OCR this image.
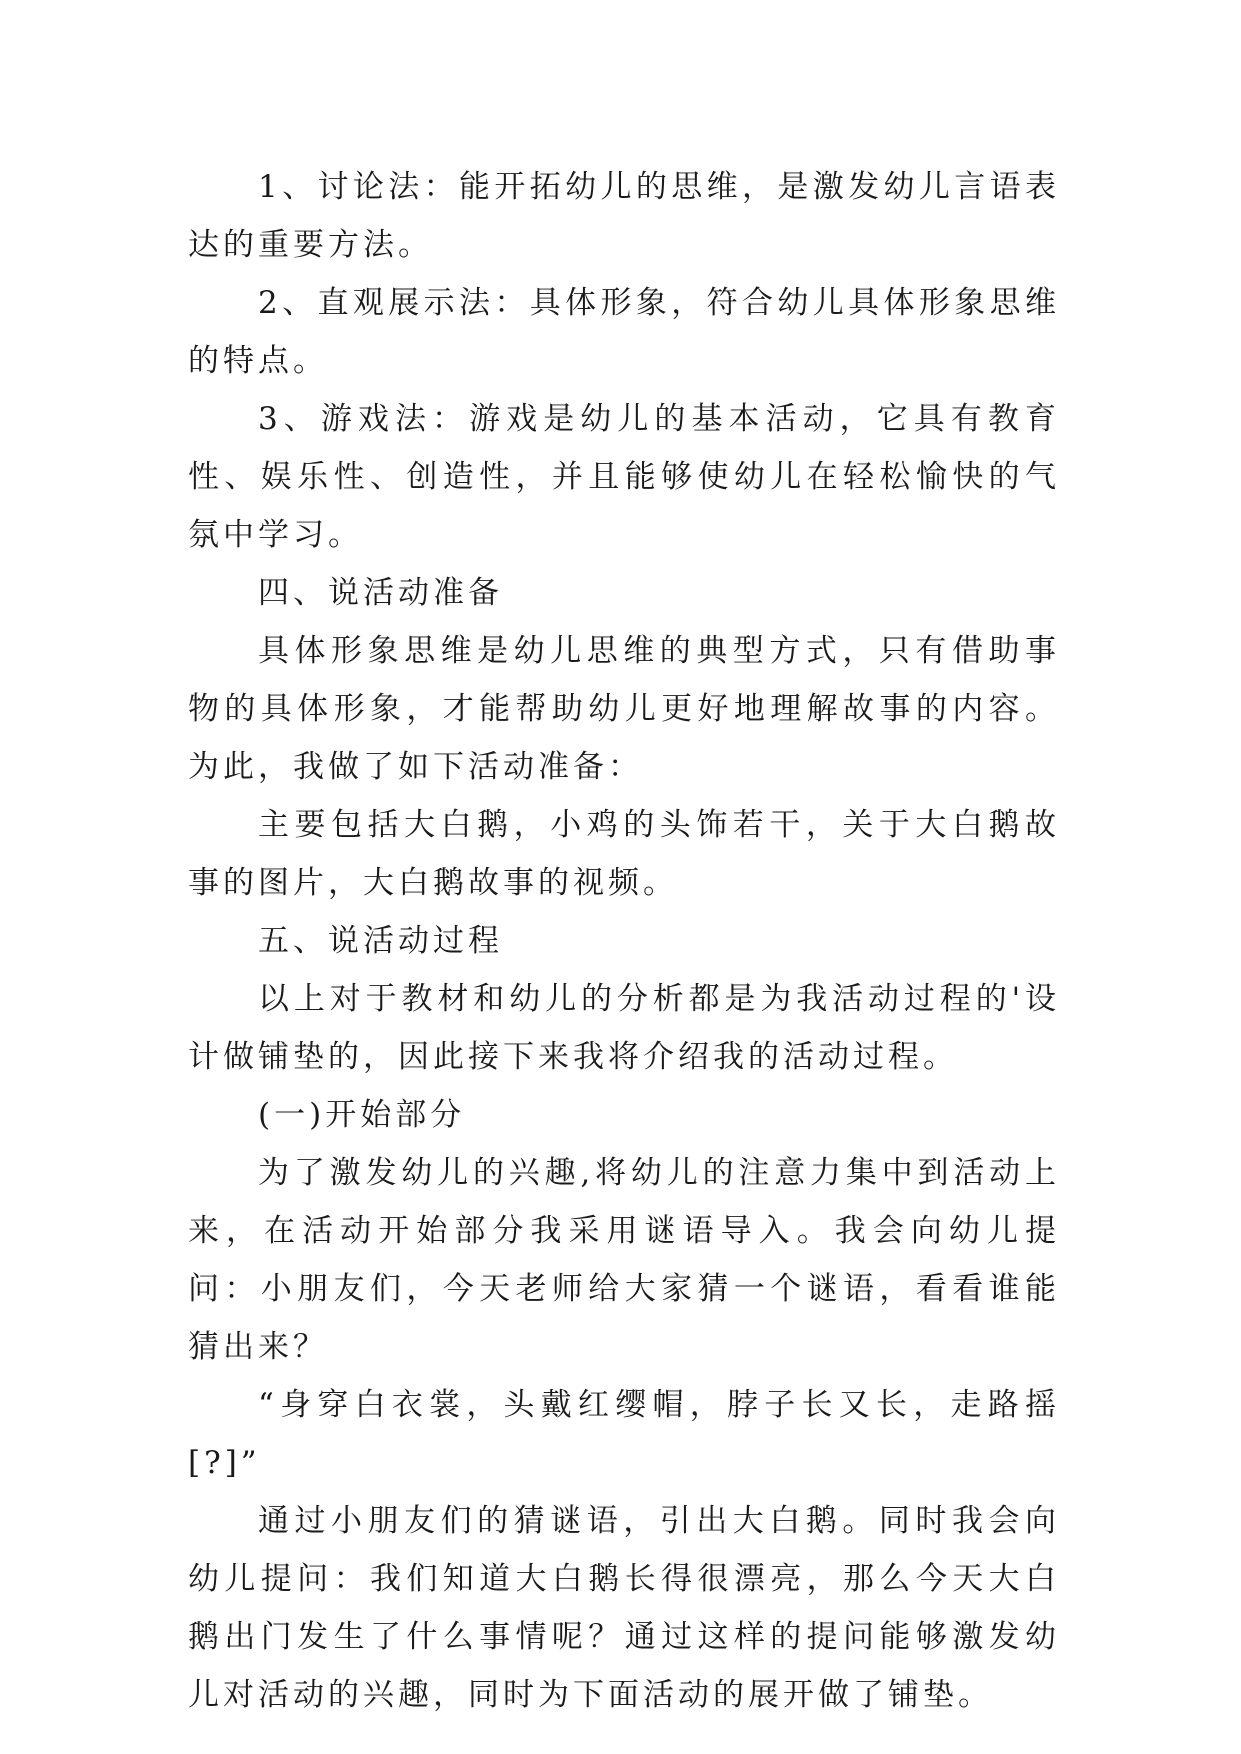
1、讨论法：能开拓幼儿的思维，是激发幼儿言语表达的重要方法。

2、直观展示法：具体形象，符合幼儿具体形象思维的特点。

3、游戏法：游戏是幼儿的基本活动，它具有教育性、娱乐性、创造性，并且能够使幼儿在轻松愉快的气氛中学习。

四、说活动准备

具体形象思维是幼儿思维的典型方式，只有借助事物的具体形象，才能帮助幼儿更好地理解故事的内容。为此，我做了如下活动准备：

主要包括大白鹅，小鸡的头饰若干，关于大白鹅故事的图片，大白鹅故事的视频。

五、说活动过程

以上对于教材和幼儿的分析都是为我活动过程的'设计做铺垫的，因此接下来我将介绍我的活动过程。

(一)开始部分

为了激发幼儿的兴趣,将幼儿的注意力集中到活动上来，在活动开始部分我采用谜语导入。我会向幼儿提问：小朋友们，今天老师给大家猜一个谜语，看看谁能猜出来？

“身穿白衣裳，头戴红缨帽，脖子长又长，走路摇[?]”

通过小朋友们的猜谜语，引出大白鹅。同时我会向幼儿提问：我们知道大白鹅长得很漂亮，那么今天大白鹅出门发生了什么事情呢？通过这样的提问能够激发幼儿对活动的兴趣，同时为下面活动的展开做了铺垫。
